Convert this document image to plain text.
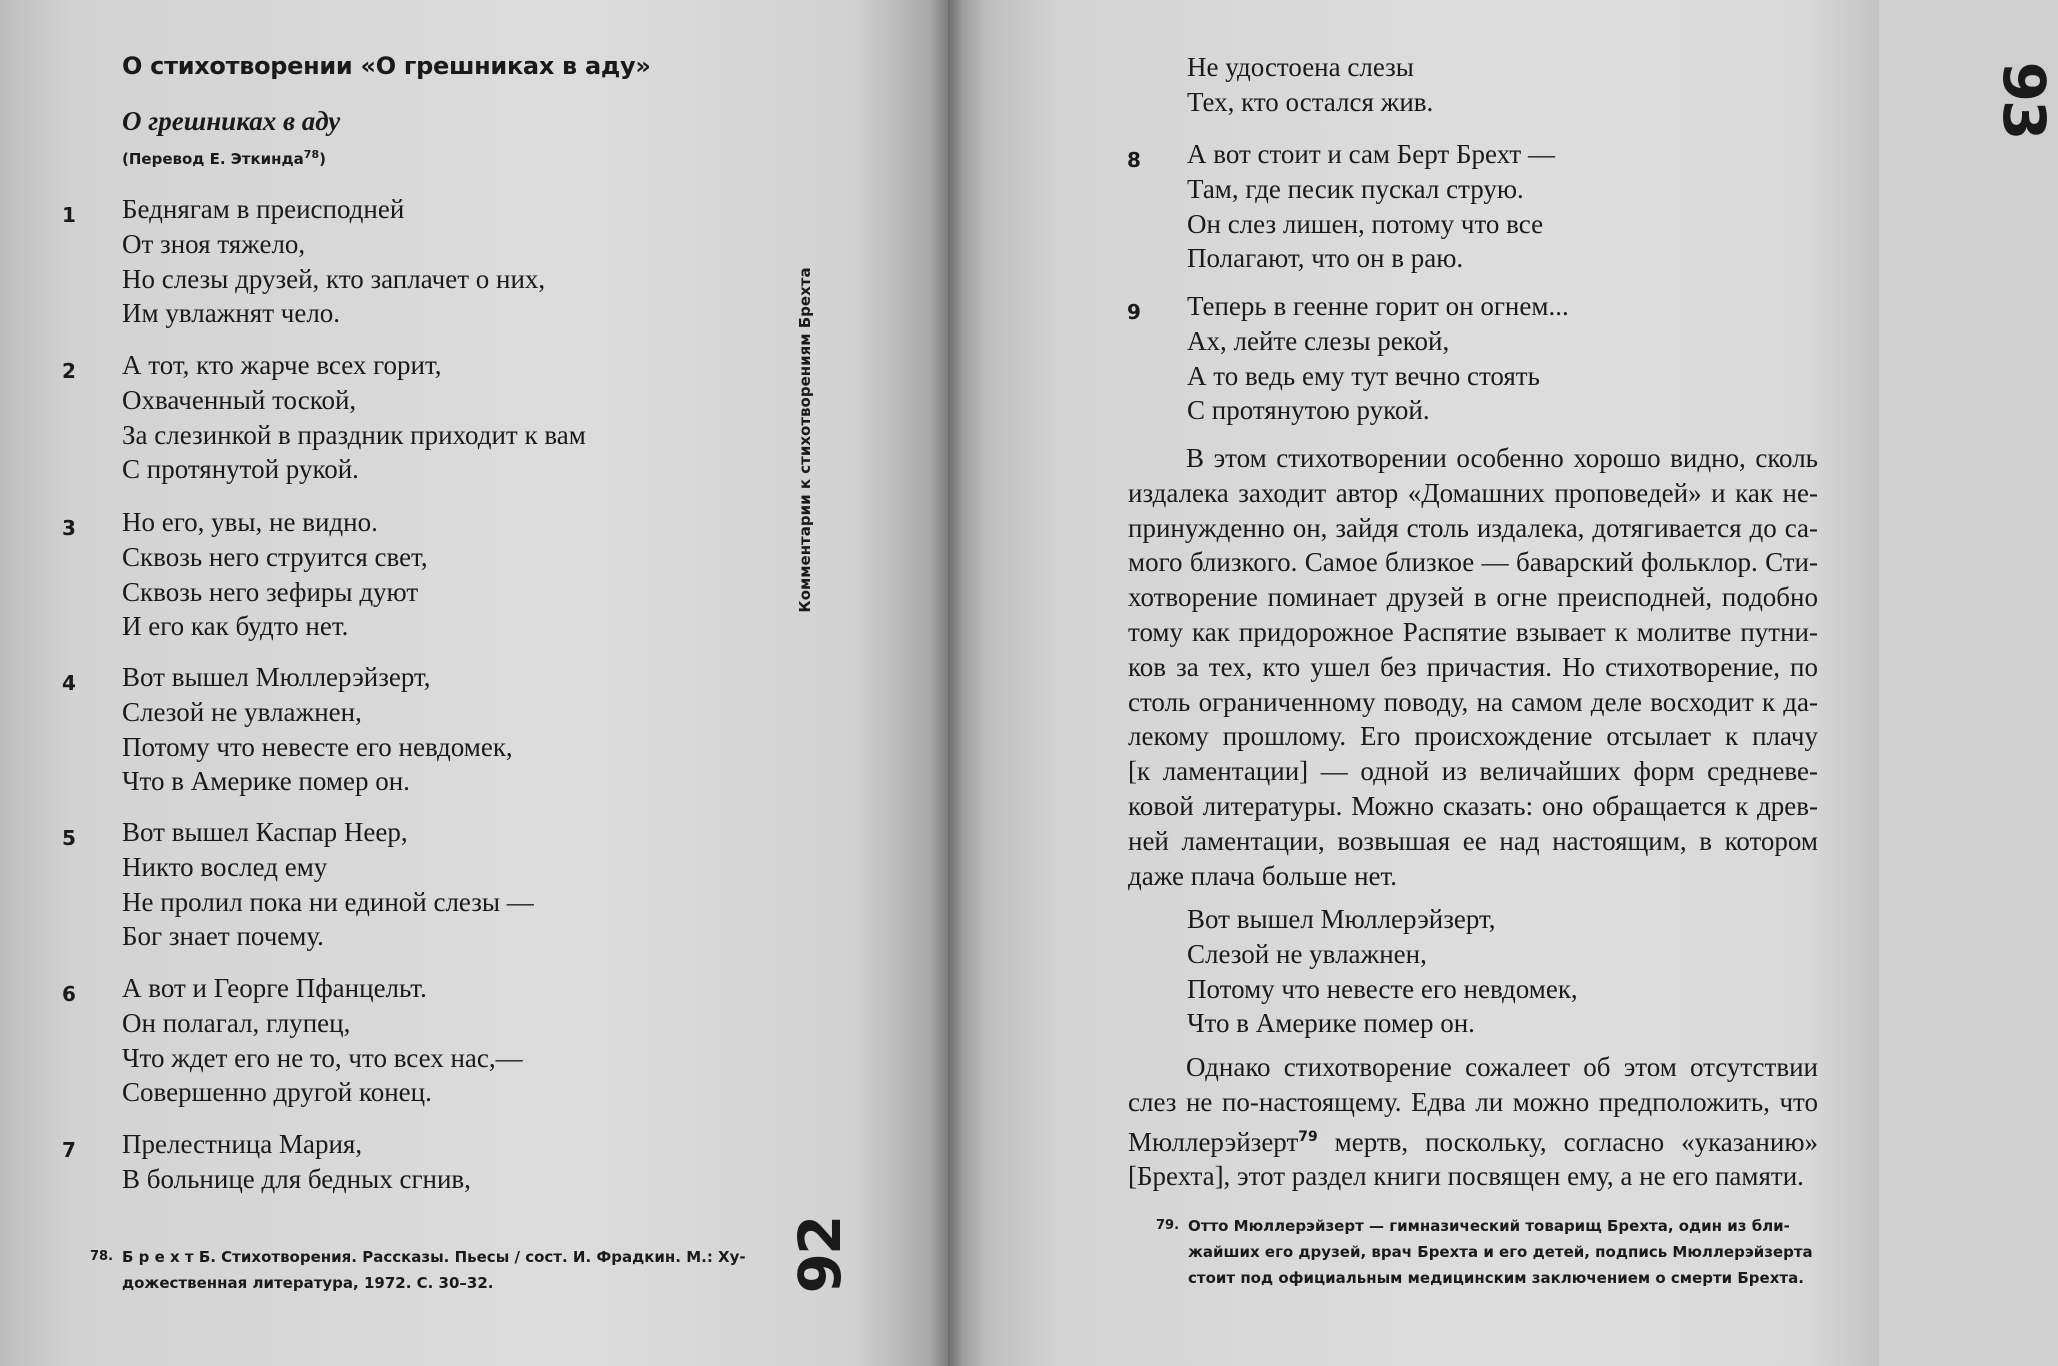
О стихотворении «О грешниках в аду»
О грешниках в аду
(Перевод Е. Эткинда$^{78}$)
1 Беднягам в преисподней
От зноя тяжело,
Но слезы друзей, кто заплачет о них,
Им увлажнят чело.
2 А тот, кто жарче всех горит,
Охваченный тоской,
За слезинкой в праздник приходит к вам
С протянутой рукой.
3 Но его, увы, не видно.
Сквозь него струится свет,
Сквозь него зефиры дуют
И его как будто нет.
4 Вот вышел Мюллерэйзерт,
Слезой не увлажнен,
Потому что невесте его невдомек,
Что в Америке помер он.
5 Вот вышел Каспар Неер,
Никто вослед ему
Не пролил пока ни единой слезы —
Бог знает почему.
6 А вот и Георге Пфанцельт.
Он полагал, глупец,
Что ждет его не то, что всех нас,—
Совершенно другой конец.
7 Прелестница Мария,
В больнице для бедных сгнив,
Комментарии к стихотворениям Брехта
78. Б р е х т Б. Стихотворения. Рассказы. Пьесы / сост. И. Фрадкин. М.: Ху-
дожественная литература, 1972. С. 30–32.	92
93
Не удостоена слезы
Тех, кто остался жив.
8 А вот стоит и сам Берт Брехт —
Там, где песик пускал струю.
Он слез лишен, потому что все
Полагают, что он в раю.
9 Теперь в геенне горит он огнем...
Ах, лейте слезы рекой,
А то ведь ему тут вечно стоять
С протянутою рукой.
В этом стихотворении особенно хорошо видно, сколь
издалека заходит автор «Домашних проповедей» и как не-
принужденно он, зайдя столь издалека, дотягивается до са-
мого близкого. Самое близкое — баварский фольклор. Сти-
хотворение поминает друзей в огне преисподней, подобно
тому как придорожное Распятие взывает к молитве путни-
ков за тех, кто ушел без причастия. Но стихотворение, по
столь ограниченному поводу, на самом деле восходит к да-
лекому прошлому. Его происхождение отсылает к плачу
[к ламентации] — одной из величайших форм средневе-
ковой литературы. Можно сказать: оно обращается к древ-
ней ламентации, возвышая ее над настоящим, в котором
даже плача больше нет.
Вот вышел Мюллерэйзерт,
Слезой не увлажнен,
Потому что невесте его невдомек,
Что в Америке помер он.
Однако стихотворение сожалеет об этом отсутствии
слез не по-настоящему. Едва ли можно предположить, что
Мюллерэйзерт$^{79}$ мертв, поскольку, согласно «указанию»
[Брехта], этот раздел книги посвящен ему, а не его памяти.
79. Отто Мюллерэйзерт — гимназический товарищ Брехта, один из бли-
жайших его друзей, врач Брехта и его детей, подпись Мюллерэйзерта
стоит под официальным медицинским заключением о смерти Брехта.
